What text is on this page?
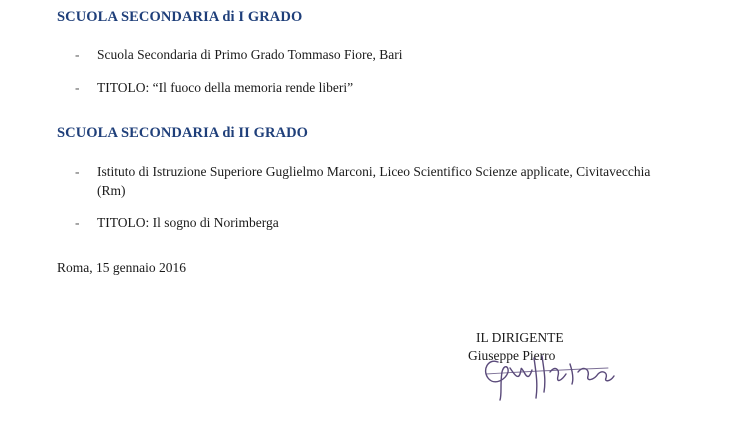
SCUOLA SECONDARIA di I GRADO
- Scuola Secondaria di Primo Grado Tommaso Fiore, Bari
- TITOLO: “Il fuoco della memoria rende liberi”
SCUOLA SECONDARIA di II GRADO
- Istituto di Istruzione Superiore Guglielmo Marconi, Liceo Scientifico Scienze applicate, Civitavecchia (Rm)
- TITOLO: Il sogno di Norimberga
Roma, 15 gennaio 2016
IL DIRIGENTE
Giuseppe Pierro
